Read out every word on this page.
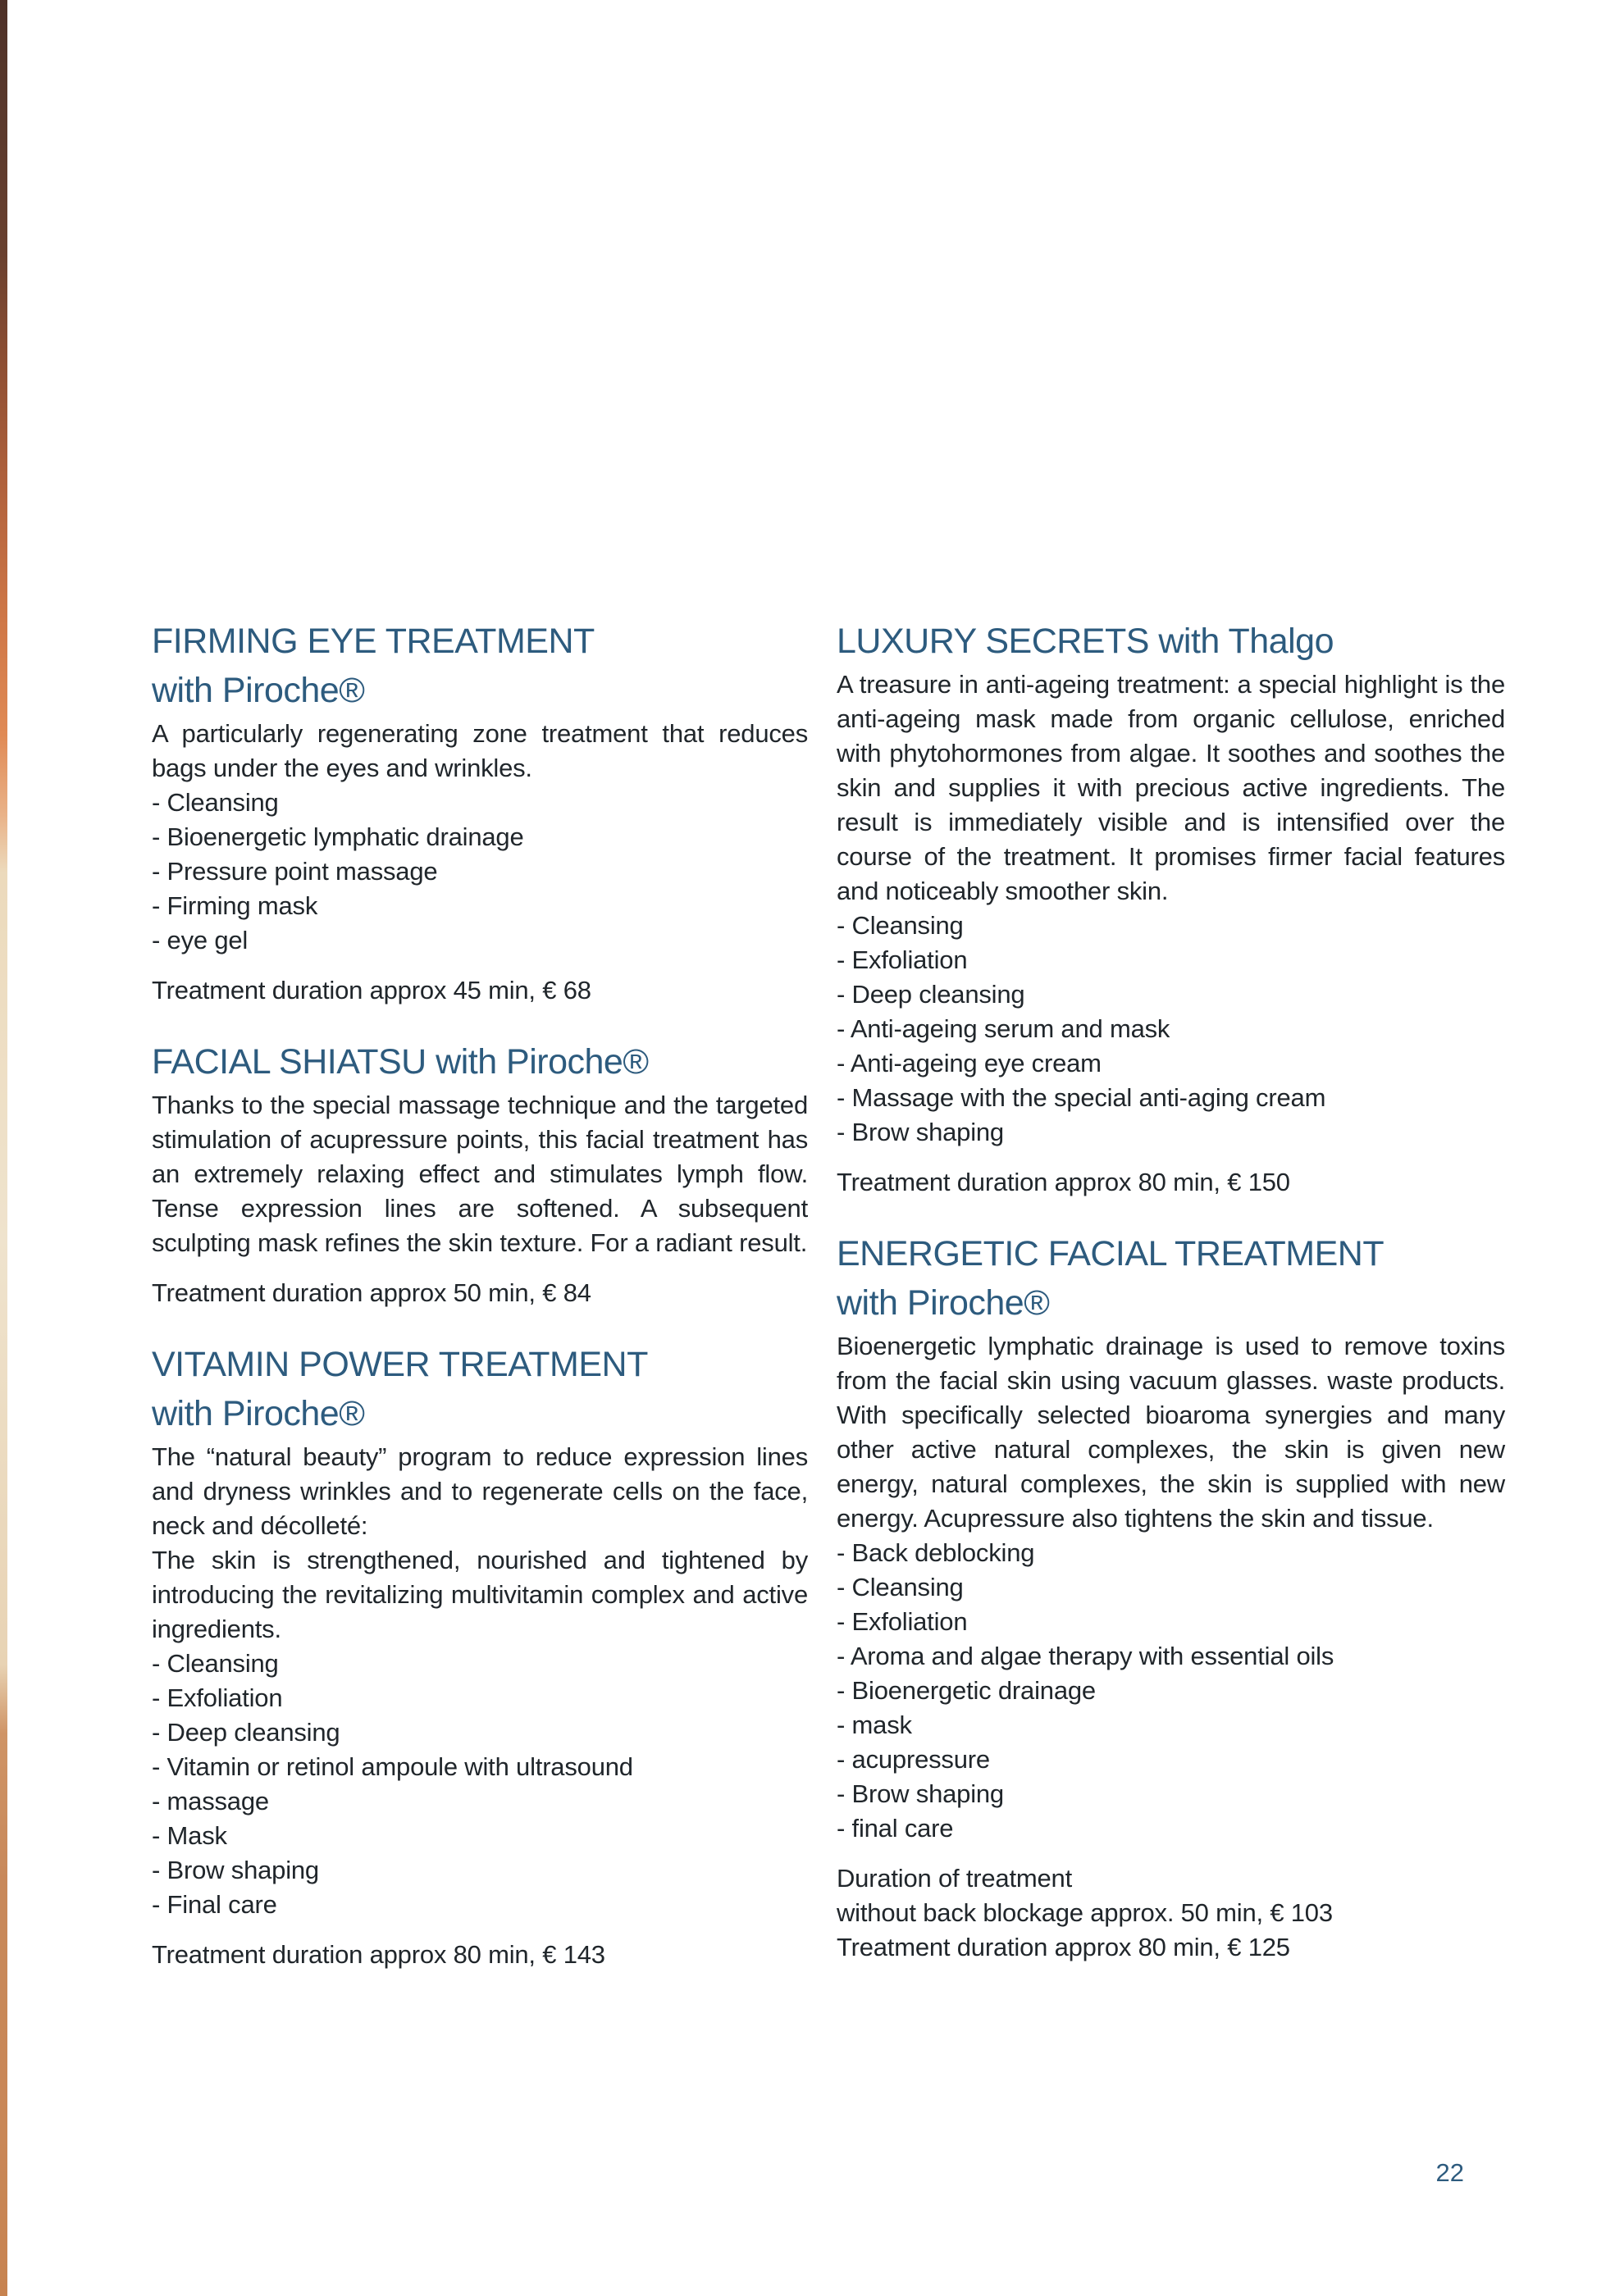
FIRMING EYE TREATMENT
with Piroche®

A particularly regenerating zone treatment that reduces bags under the eyes and wrinkles.

- Cleansing
- Bioenergetic lymphatic drainage
- Pressure point massage
- Firming mask
- eye gel
Treatment duration approx 45 min, € 68
FACIAL SHIATSU with Piroche®

Thanks to the special massage technique and the targeted stimulation of acupressure points, this facial treatment has an extremely relaxing effect and stimulates lymph flow. Tense expression lines are softened. A subsequent sculpting mask refines the skin texture. For a radiant result.

Treatment duration approx 50 min, € 84
VITAMIN POWER TREATMENT
with Piroche®

The “natural beauty” program to reduce expression lines and dryness wrinkles and to regenerate cells on the face, neck and décolleté:

The skin is strengthened, nourished and tightened by introducing the revitalizing multivitamin complex and active ingredients.

- Cleansing
- Exfoliation
- Deep cleansing
- Vitamin or retinol ampoule with ultrasound
- massage
- Mask
- Brow shaping
- Final care
Treatment duration approx 80 min, € 143
LUXURY SECRETS with Thalgo

A treasure in anti-ageing treatment: a special highlight is the anti-ageing mask made from organic cellulose, enriched with phytohormones from algae. It soothes and soothes the skin and supplies it with precious active ingredients. The result is immediately visible and is intensified over the course of the treatment. It promises firmer facial features and noticeably smoother skin.

- Cleansing
- Exfoliation
- Deep cleansing
- Anti-ageing serum and mask
- Anti-ageing eye cream
- Massage with the special anti-aging cream
- Brow shaping
Treatment duration approx 80 min, € 150
ENERGETIC FACIAL TREATMENT
with Piroche®

Bioenergetic lymphatic drainage is used to remove toxins from the facial skin using vacuum glasses. waste products. With specifically selected bioaroma synergies and many other active natural complexes, the skin is given new energy, natural complexes, the skin is supplied with new energy. Acupressure also tightens the skin and tissue.

- Back deblocking
- Cleansing
- Exfoliation
- Aroma and algae therapy with essential oils
- Bioenergetic drainage
- mask
- acupressure
- Brow shaping
- final care
Duration of treatment
without back blockage approx. 50 min, € 103
Treatment duration approx 80 min, € 125
22
